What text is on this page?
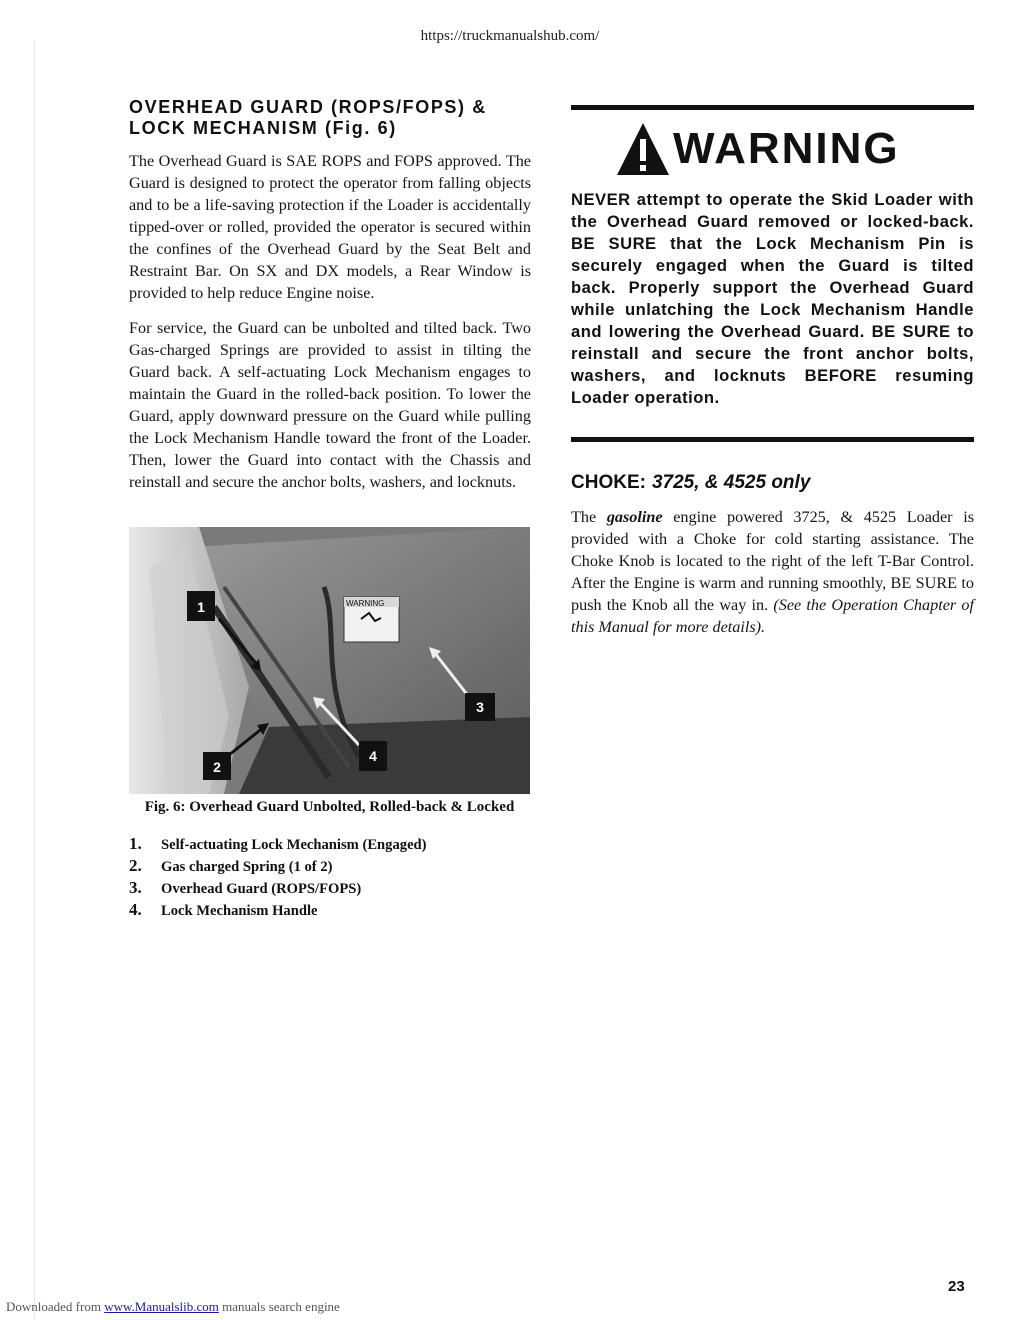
https://truckmanualshub.com/
OVERHEAD GUARD (ROPS/FOPS) &
LOCK MECHANISM (Fig. 6)

The Overhead Guard is SAE ROPS and FOPS approved. The Guard is designed to protect the operator from falling objects and to be a life-saving protection if the Loader is accidentally tipped-over or rolled, provided the operator is secured within the confines of the Overhead Guard by the Seat Belt and Restraint Bar. On SX and DX models, a Rear Window is provided to help reduce Engine noise.

For service, the Guard can be unbolted and tilted back. Two Gas-charged Springs are provided to assist in tilting the Guard back. A self-actuating Lock Mechanism engages to maintain the Guard in the rolled-back position. To lower the Guard, apply downward pressure on the Guard while pulling the Lock Mechanism Handle toward the front of the Loader. Then, lower the Guard into contact with the Chassis and reinstall and secure the anchor bolts, washers, and locknuts.

WARNING
1
2
3
4
Fig. 6: Overhead Guard Unbolted, Rolled-back & Locked
1.	Self-actuating Lock Mechanism (Engaged)
2.	Gas charged Spring (1 of 2)
3.	Overhead Guard (ROPS/FOPS)
4.	Lock Mechanism Handle
WARNING

NEVER attempt to operate the Skid Loader with the Overhead Guard removed or locked-back. BE SURE that the Lock Mechanism Pin is securely engaged when the Guard is tilted back. Properly support the Overhead Guard while unlatching the Lock Mechanism Handle and lowering the Overhead Guard. BE SURE to reinstall and secure the front anchor bolts, washers, and locknuts BEFORE resuming Loader operation.

CHOKE: 3725, & 4525 only

The gasoline engine powered 3725, & 4525 Loader is provided with a Choke for cold starting assistance. The Choke Knob is located to the right of the left T-Bar Control. After the Engine is warm and running smoothly, BE SURE to push the Knob all the way in. (See the Operation Chapter of this Manual for more details).

23
Downloaded from www.Manualslib.com manuals search engine
